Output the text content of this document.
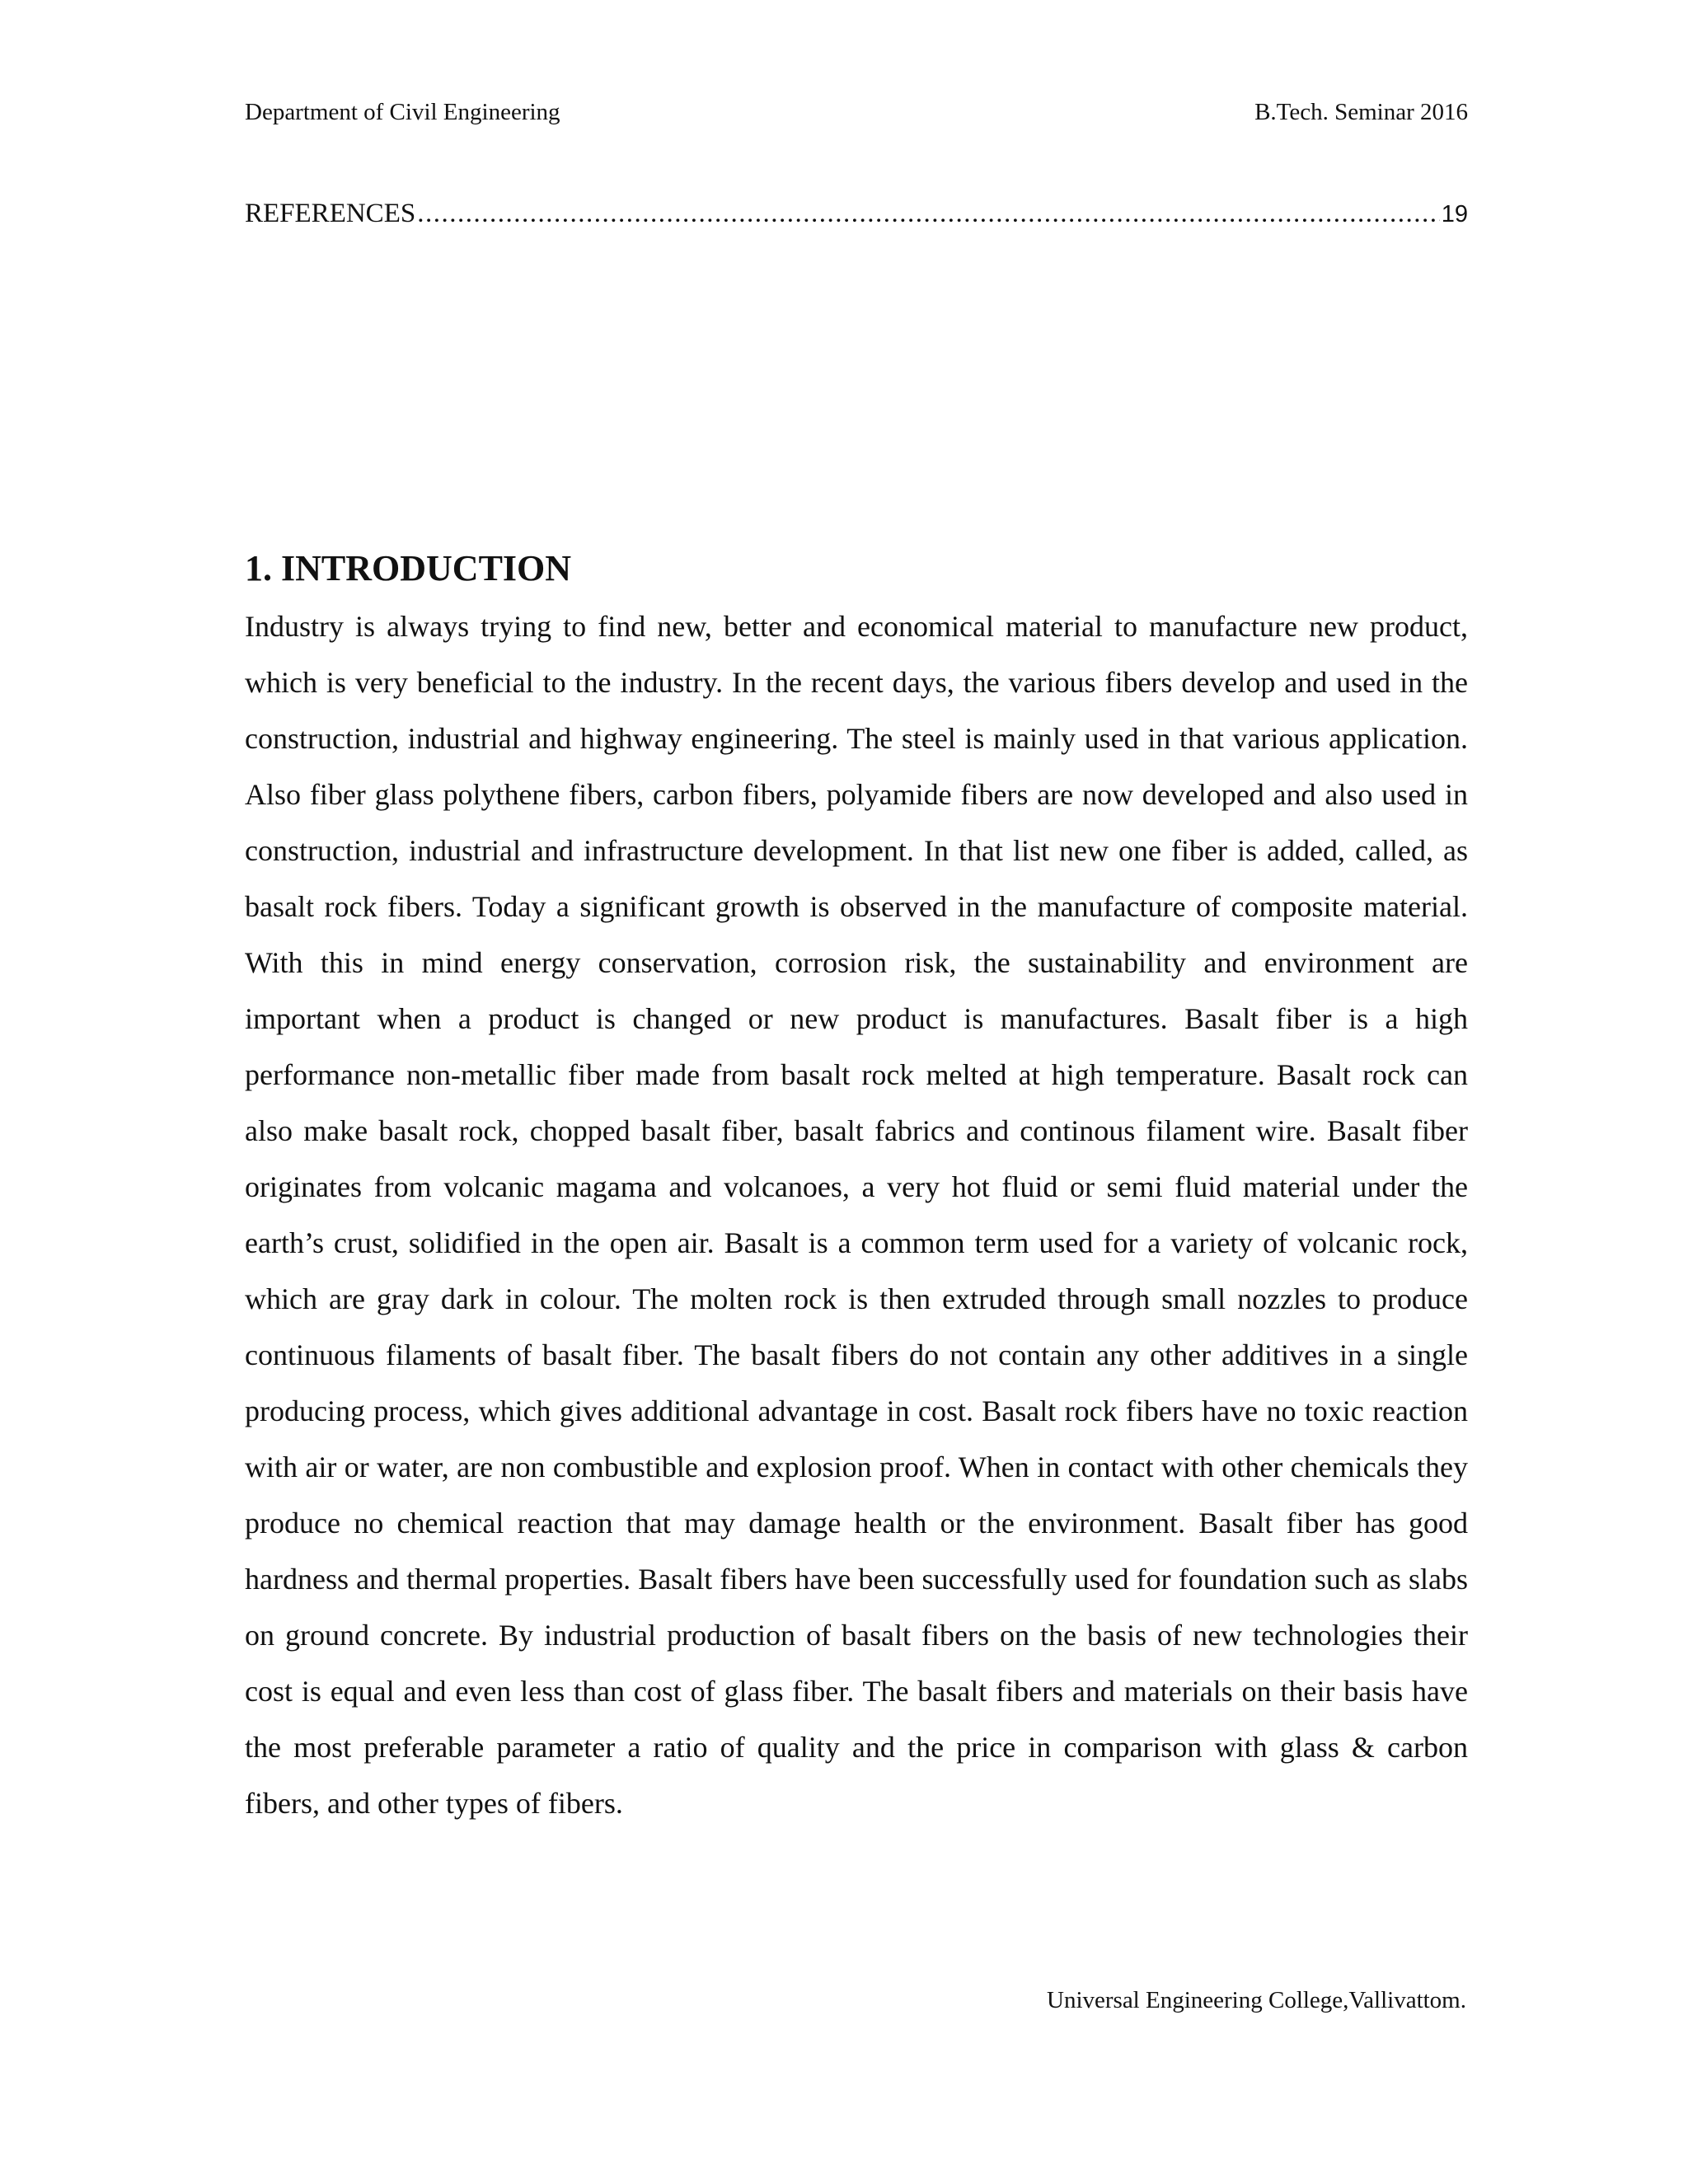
Department of Civil Engineering	B.Tech. Seminar 2016
REFERENCES
.....	19
1. INTRODUCTION

Industry is always trying to find new, better and economical material to manufacture new product, which is very beneficial to the industry. In the recent days, the various fibers develop and used in the construction, industrial and highway engineering. The steel is mainly used in that various application. Also fiber glass polythene fibers, carbon fibers, polyamide fibers are now developed and also used in construction, industrial and infrastructure development. In that list new one fiber is added, called, as basalt rock fibers. Today a significant growth is observed in the manufacture of composite material. With this in mind energy conservation, corrosion risk, the sustainability and environment are important when a product is changed or new product is manufactures. Basalt fiber is a high performance non-metallic fiber made from basalt rock melted at high temperature. Basalt rock can also make basalt rock, chopped basalt fiber, basalt fabrics and continous filament wire. Basalt fiber originates from volcanic magama and volcanoes, a very hot fluid or semi fluid material under the earth’s crust, solidified in the open air. Basalt is a common term used for a variety of volcanic rock, which are gray dark in colour. The molten rock is then extruded through small nozzles to produce continuous filaments of basalt fiber. The basalt fibers do not contain any other additives in a single producing process, which gives additional advantage in cost. Basalt rock fibers have no toxic reaction with air or water, are non combustible and explosion proof. When in contact with other chemicals they produce no chemical reaction that may damage health or the environment. Basalt fiber has good hardness and thermal properties. Basalt fibers have been successfully used for foundation such as slabs on ground concrete. By industrial production of basalt fibers on the basis of new technologies their cost is equal and even less than cost of glass fiber. The basalt fibers and materials on their basis have the most preferable parameter a ratio of quality and the price in comparison with glass & carbon fibers, and other types of fibers.

Universal Engineering College,Vallivattom.
